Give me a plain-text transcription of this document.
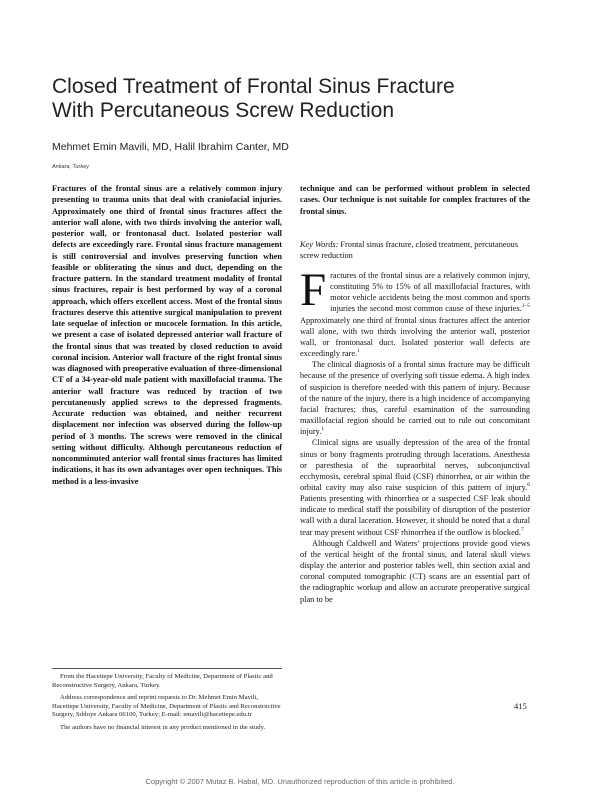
Closed Treatment of Frontal Sinus Fracture
With Percutaneous Screw Reduction
Mehmet Emin Mavili, MD, Halil Ibrahim Canter, MD
Ankara, Turkey
Fractures of the frontal sinus are a relatively common injury presenting to trauma units that deal with craniofacial injuries. Approximately one third of frontal sinus fractures affect the anterior wall alone, with two thirds involving the anterior wall, posterior wall, or frontonasal duct. Isolated posterior wall defects are exceedingly rare. Frontal sinus fracture management is still controversial and involves preserving function when feasible or obliterating the sinus and duct, depending on the fracture pattern. In the standard treatment modality of frontal sinus fractures, repair is best performed by way of a coronal approach, which offers excellent access. Most of the frontal sinus fractures deserve this attentive surgical manipulation to prevent late sequelae of infection or mucocele formation. In this article, we present a case of isolated depressed anterior wall fracture of the frontal sinus that was treated by closed reduction to avoid coronal incision. Anterior wall fracture of the right frontal sinus was diagnosed with preoperative evaluation of three-dimensional CT of a 34-year-old male patient with maxillofacial trauma. The anterior wall fracture was reduced by traction of two percutaneously applied screws to the depressed fragments. Accurate reduction was obtained, and neither recurrent displacement nor infection was observed during the follow-up period of 3 months. The screws were removed in the clinical setting without difficulty. Although percutaneous reduction of noncomminuted anterior wall frontal sinus fractures has limited indications, it has its own advantages over open techniques. This method is a less-invasive
technique and can be performed without problem in selected cases. Our technique is not suitable for complex fractures of the frontal sinus.
Key Words: Frontal sinus fracture, closed treatment, percutaneous screw reduction

Fractures of the frontal sinus are a relatively common injury, constituting 5% to 15% of all maxillofacial fractures, with motor vehicle accidents being the most common and sports injuries the second most common cause of these injuries.$^{1-5}$ Approximately one third of frontal sinus fractures affect the anterior wall alone, with two thirds involving the anterior wall, posterior wall, or frontonasal duct. Isolated posterior wall defects are exceedingly rare.$^1$

The clinical diagnosis of a frontal sinus fracture may be difficult because of the presence of overlying soft tissue edema. A high index of suspicion is therefore needed with this pattern of injury. Because of the nature of the injury, there is a high incidence of accompanying facial fractures; thus, careful examination of the surrounding maxillofacial region should be carried out to rule out concomitant injury.$^1$

Clinical signs are usually depression of the area of the frontal sinus or bony fragments protruding through lacerations. Anesthesia or paresthesia of the supraorbital nerves, subconjunctival ecchymosis, cerebral spinal fluid (CSF) rhinorrhea, or air within the orbital cavity may also raise suspicion of this pattern of injury.$^6$ Patients presenting with rhinorrhea or a suspected CSF leak should indicate to medical staff the possibility of disruption of the posterior wall with a dural laceration. However, it should be noted that a dural tear may present without CSF rhinorrhea if the outflow is blocked.$^7$

Although Caldwell and Waters’ projections provide good views of the vertical height of the frontal sinus, and lateral skull views display the anterior and posterior tables well, thin section axial and coronal computed tomographic (CT) scans are an essential part of the radiographic workup and allow an accurate preoperative surgical plan to be

From the Hacettepe University, Faculty of Medicine, Department of Plastic and Reconstructive Surgery, Ankara, Turkey.

Address correspondence and reprint requests to Dr. Mehmet Emin Mavili, Hacettepe University, Faculty of Medicine, Department of Plastic and Reconstructive Surgery, Sıhhıye Ankara 06100, Turkey; E-mail: emavili@hacettepe.edu.tr

The authors have no financial interest in any product mentioned in the study.

415
Copyright © 2007 Mutaz B. Habal, MD. Unauthorized reproduction of this article is prohibited.
